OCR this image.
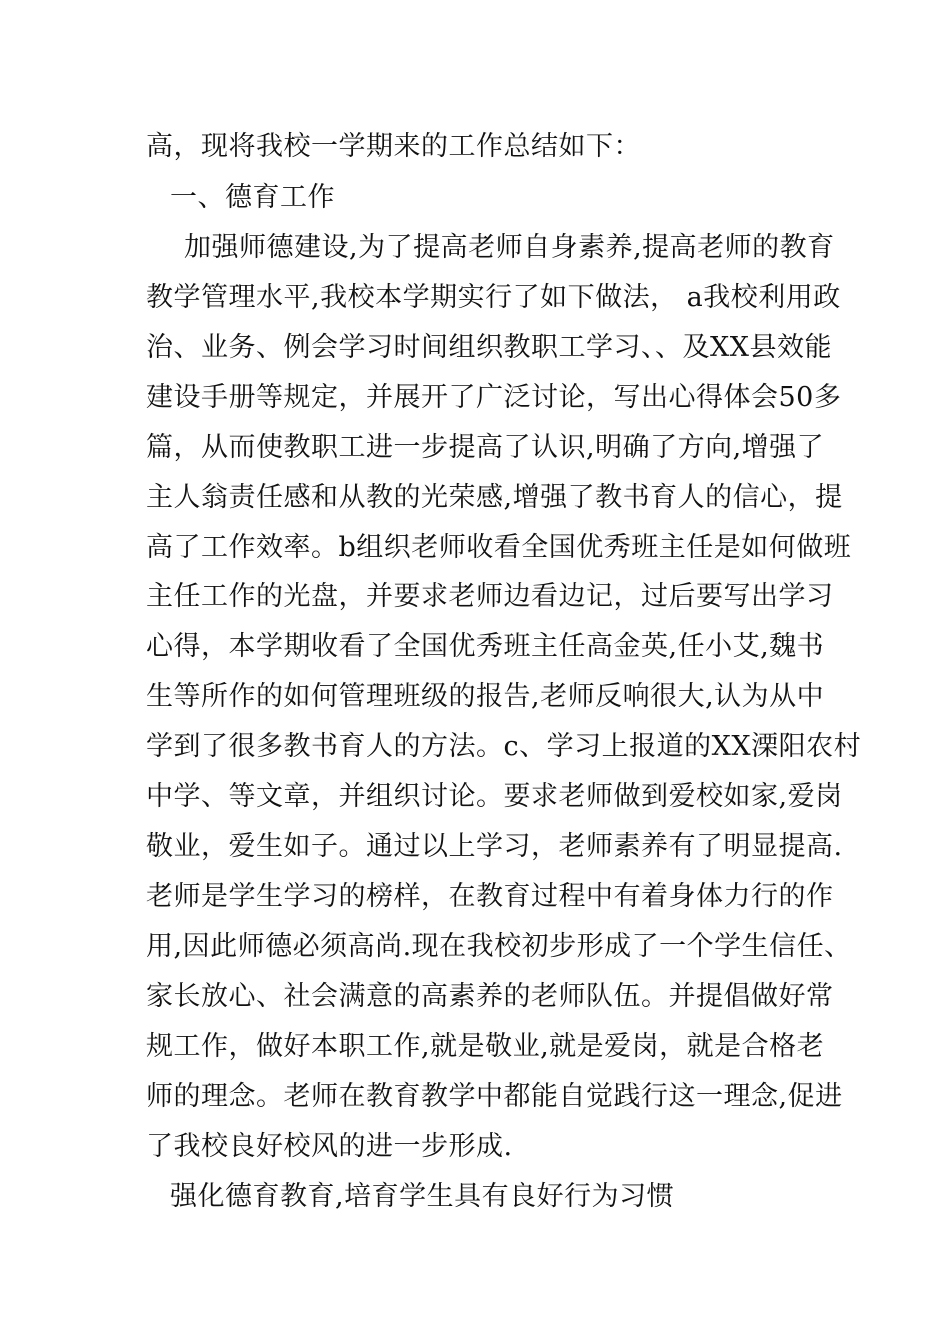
高，现将我校一学期来的工作总结如下：
一、德育工作
加强师德建设,为了提高老师自身素养,提高老师的教育
教学管理水平,我校本学期实行了如下做法， a我校利用政
治、业务、例会学习时间组织教职工学习、、及XX县效能
建设手册等规定，并展开了广泛讨论，写出心得体会50多
篇，从而使教职工进一步提高了认识,明确了方向,增强了
主人翁责任感和从教的光荣感,增强了教书育人的信心，提
高了工作效率。b组织老师收看全国优秀班主任是如何做班
主任工作的光盘，并要求老师边看边记，过后要写出学习
心得，本学期收看了全国优秀班主任高金英,任小艾,魏书
生等所作的如何管理班级的报告,老师反响很大,认为从中
学到了很多教书育人的方法。c、学习上报道的XX溧阳农村
中学、等文章，并组织讨论。要求老师做到爱校如家,爱岗
敬业，爱生如子。通过以上学习，老师素养有了明显提高.
老师是学生学习的榜样，在教育过程中有着身体力行的作
用,因此师德必须高尚.现在我校初步形成了一个学生信任、
家长放心、社会满意的高素养的老师队伍。并提倡做好常
规工作，做好本职工作,就是敬业,就是爱岗，就是合格老
师的理念。老师在教育教学中都能自觉践行这一理念,促进
了我校良好校风的进一步形成.
强化德育教育,培育学生具有良好行为习惯
